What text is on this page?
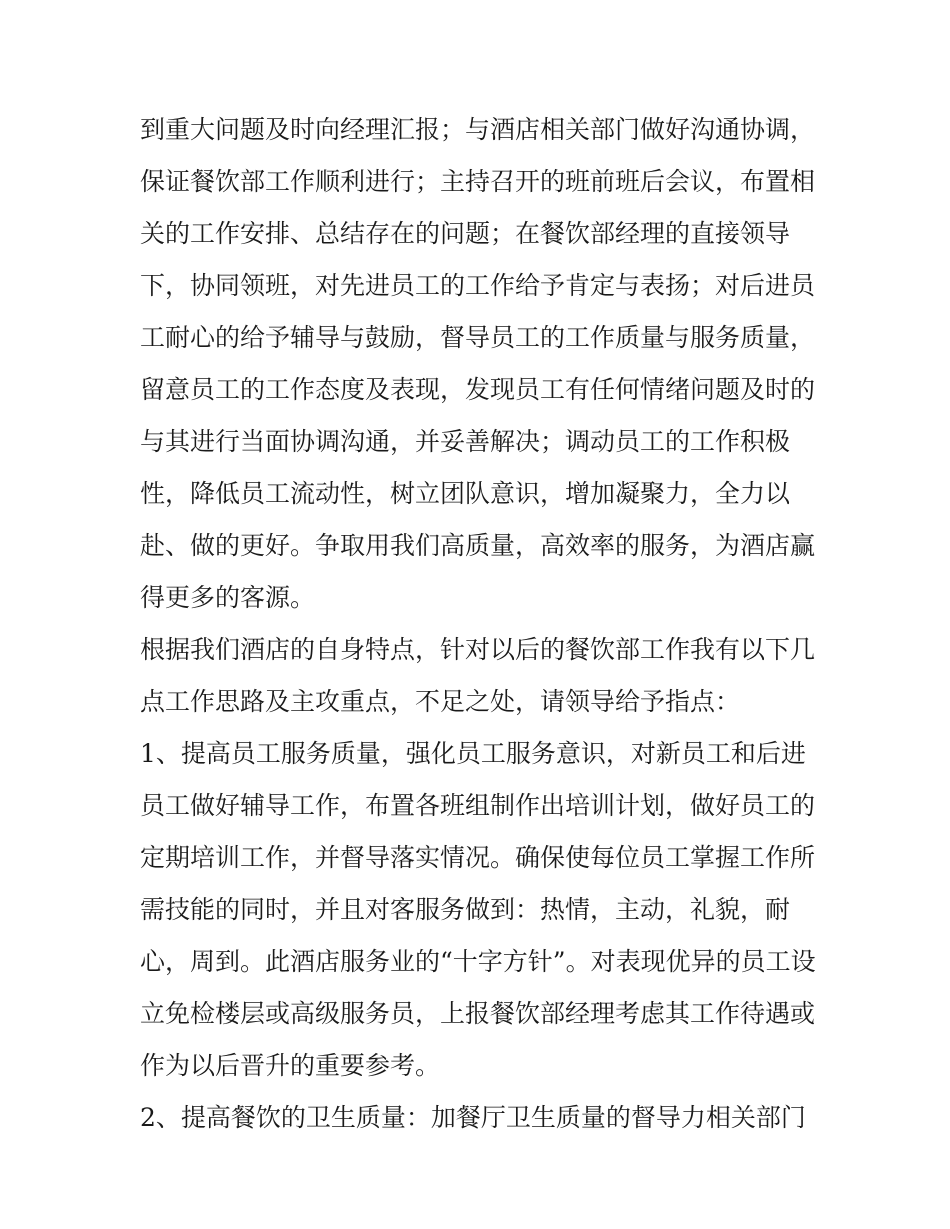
到重大问题及时向经理汇报；与酒店相关部门做好沟通协调，
保证餐饮部工作顺利进行；主持召开的班前班后会议，布置相
关的工作安排、总结存在的问题；在餐饮部经理的直接领导
下，协同领班，对先进员工的工作给予肯定与表扬；对后进员
工耐心的给予辅导与鼓励，督导员工的工作质量与服务质量，
留意员工的工作态度及表现，发现员工有任何情绪问题及时的
与其进行当面协调沟通，并妥善解决；调动员工的工作积极
性，降低员工流动性，树立团队意识，增加凝聚力，全力以
赴、做的更好。争取用我们高质量，高效率的服务，为酒店赢
得更多的客源。
根据我们酒店的自身特点，针对以后的餐饮部工作我有以下几
点工作思路及主攻重点，不足之处，请领导给予指点：
1、提高员工服务质量，强化员工服务意识，对新员工和后进
员工做好辅导工作，布置各班组制作出培训计划，做好员工的
定期培训工作，并督导落实情况。确保使每位员工掌握工作所
需技能的同时，并且对客服务做到：热情，主动，礼貌，耐
心，周到。此酒店服务业的“十字方针”。对表现优异的员工设
立免检楼层或高级服务员，上报餐饮部经理考虑其工作待遇或
作为以后晋升的重要参考。
2、提高餐饮的卫生质量：加餐厅卫生质量的督导力相关部门
